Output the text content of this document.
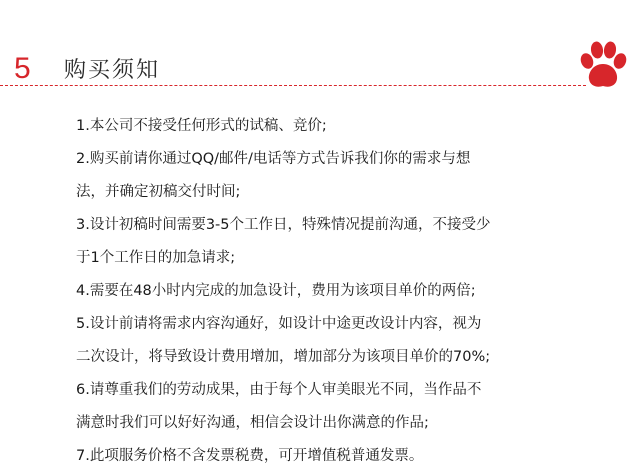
5 购买须知
1.本公司不接受任何形式的试稿、竞价;
2.购买前请你通过QQ/邮件/电话等方式告诉我们你的需求与想
法，并确定初稿交付时间;
3.设计初稿时间需要3-5个工作日，特殊情况提前沟通，不接受少
于1个工作日的加急请求;
4.需要在48小时内完成的加急设计，费用为该项目单价的两倍;
5.设计前请将需求内容沟通好，如设计中途更改设计内容，视为
二次设计，将导致设计费用增加，增加部分为该项目单价的70%;
6.请尊重我们的劳动成果，由于每个人审美眼光不同，当作品不
满意时我们可以好好沟通，相信会设计出你满意的作品;
7.此项服务价格不含发票税费，可开增值税普通发票。
